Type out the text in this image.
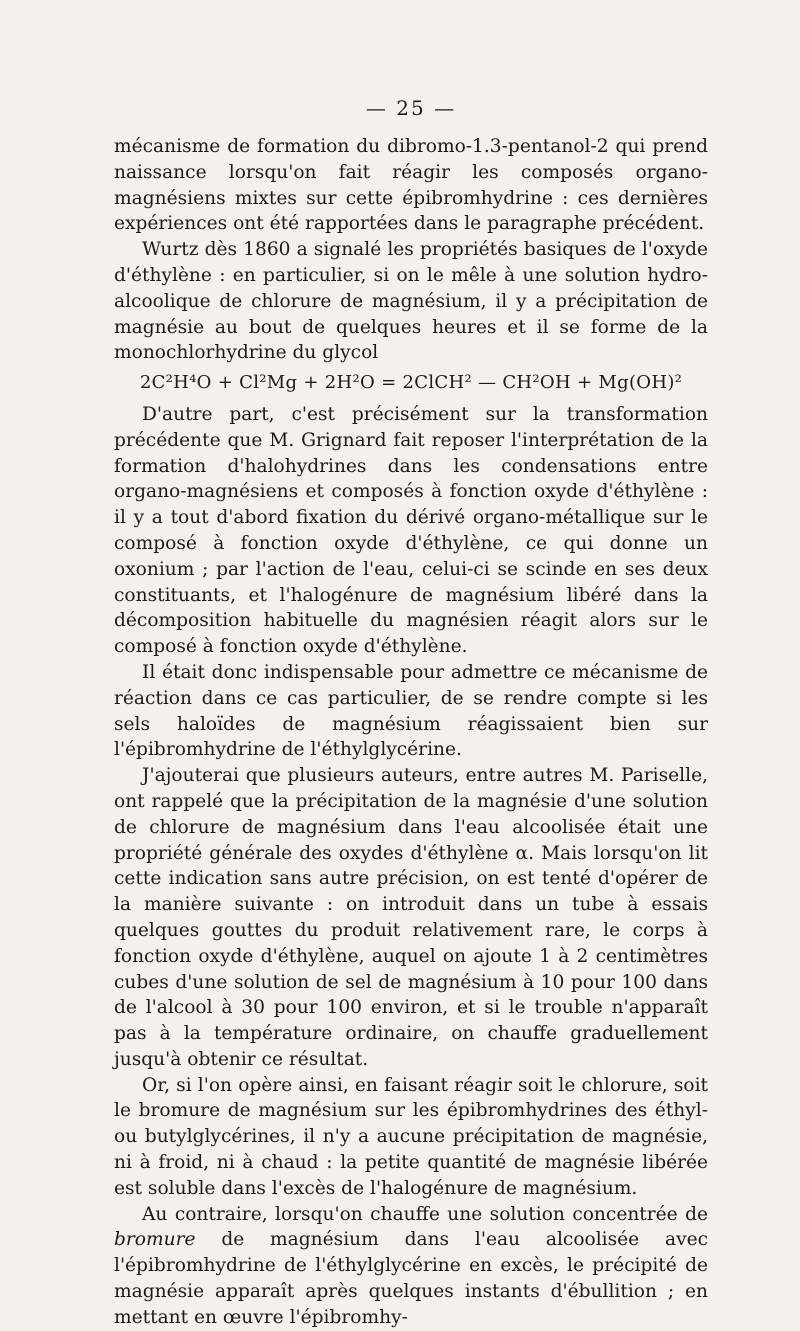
— 25 —

mécanisme de formation du dibromo-1.3-pentanol-2 qui prend naissance lorsqu'on fait réagir les composés organo-magnésiens mixtes sur cette épibromhydrine : ces dernières expériences ont été rapportées dans le paragraphe précédent.

Wurtz dès 1860 a signalé les propriétés basiques de l'oxyde d'éthylène : en particulier, si on le mêle à une solution hydro-alcoolique de chlorure de magnésium, il y a précipitation de magnésie au bout de quelques heures et il se forme de la monochlorhydrine du glycol

2C²H⁴O + Cl²Mg + 2H²O = 2ClCH² — CH²OH + Mg(OH)²

D'autre part, c'est précisément sur la transformation précédente que M. Grignard fait reposer l'interprétation de la formation d'halohydrines dans les condensations entre organo-magnésiens et composés à fonction oxyde d'éthylène : il y a tout d'abord fixation du dérivé organo-métallique sur le composé à fonction oxyde d'éthylène, ce qui donne un oxonium ; par l'action de l'eau, celui-ci se scinde en ses deux constituants, et l'halogénure de magnésium libéré dans la décomposition habituelle du magnésien réagit alors sur le composé à fonction oxyde d'éthylène.

Il était donc indispensable pour admettre ce mécanisme de réaction dans ce cas particulier, de se rendre compte si les sels haloïdes de magnésium réagissaient bien sur l'épibromhydrine de l'éthylglycérine.

J'ajouterai que plusieurs auteurs, entre autres M. Pariselle, ont rappelé que la précipitation de la magnésie d'une solution de chlorure de magnésium dans l'eau alcoolisée était une propriété générale des oxydes d'éthylène α. Mais lorsqu'on lit cette indication sans autre précision, on est tenté d'opérer de la manière suivante : on introduit dans un tube à essais quelques gouttes du produit relativement rare, le corps à fonction oxyde d'éthylène, auquel on ajoute 1 à 2 centimètres cubes d'une solution de sel de magnésium à 10 pour 100 dans de l'alcool à 30 pour 100 environ, et si le trouble n'apparaît pas à la température ordinaire, on chauffe graduellement jusqu'à obtenir ce résultat.

Or, si l'on opère ainsi, en faisant réagir soit le chlorure, soit le bromure de magnésium sur les épibromhydrines des éthyl- ou butylglycérines, il n'y a aucune précipitation de magnésie, ni à froid, ni à chaud : la petite quantité de magnésie libérée est soluble dans l'excès de l'halogénure de magnésium.

Au contraire, lorsqu'on chauffe une solution concentrée de bromure de magnésium dans l'eau alcoolisée avec l'épibromhydrine de l'éthylglycérine en excès, le précipité de magnésie apparaît après quelques instants d'ébullition ; en mettant en œuvre l'épibromhy-
